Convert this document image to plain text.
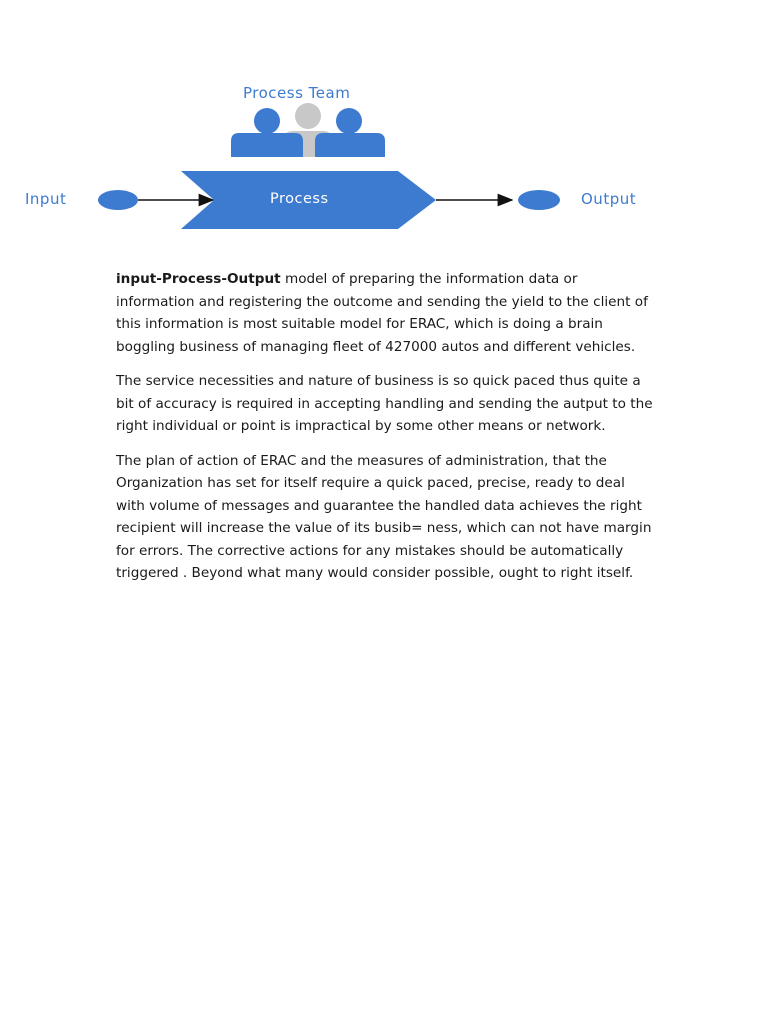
Process Team
Input	Process	Output

input-Process-Output model of preparing the information data or information and registering the outcome and sending the yield to the client of this information is most suitable model for ERAC, which is doing a brain boggling business of managing fleet of 427000 autos and different vehicles.

The service necessities and nature of business is so quick paced thus quite a bit of accuracy is required in accepting handling and sending the autput to the right individual or point is impractical by some other means or network.

The plan of action of ERAC and the measures of administration, that the Organization has set for itself require a quick paced, precise, ready to deal with volume of messages and guarantee the handled data achieves the right recipient will increase the value of its busib= ness, which can not have margin for errors. The corrective actions for any mistakes should be automatically triggered . Beyond what many would consider possible, ought to right itself.
